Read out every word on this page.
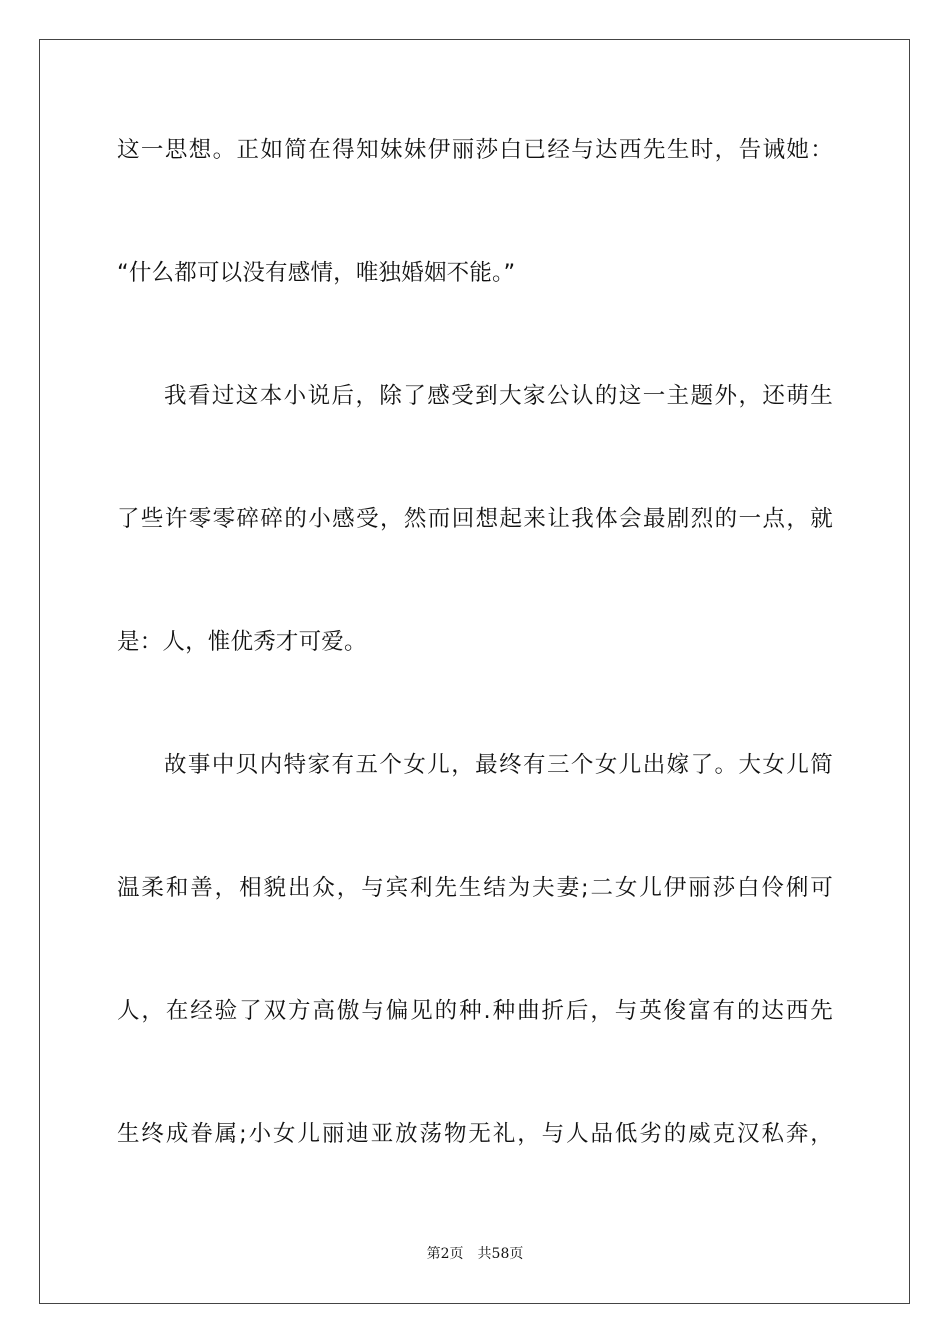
这一思想。正如简在得知妹妹伊丽莎白已经与达西先生时，告诫她：

“什么都可以没有感情，唯独婚姻不能。”

我看过这本小说后，除了感受到大家公认的这一主题外，还萌生

了些许零零碎碎的小感受，然而回想起来让我体会最剧烈的一点，就

是：人，惟优秀才可爱。

故事中贝内特家有五个女儿，最终有三个女儿出嫁了。大女儿简

温柔和善，相貌出众，与宾利先生结为夫妻;二女儿伊丽莎白伶俐可

人，在经验了双方高傲与偏见的种.种曲折后，与英俊富有的达西先

生终成眷属;小女儿丽迪亚放荡物无礼，与人品低劣的威克汉私奔，

第2页 共58页
